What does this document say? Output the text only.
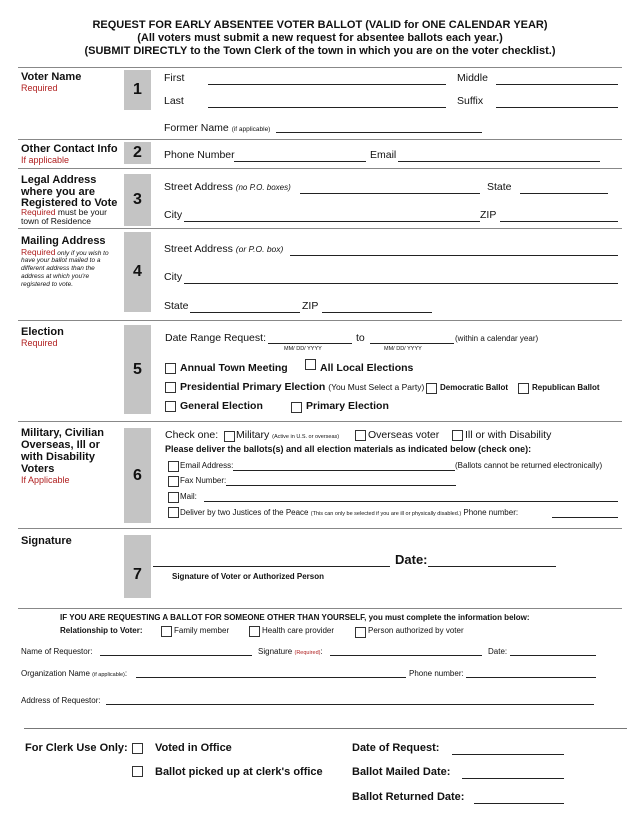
REQUEST FOR EARLY ABSENTEE VOTER BALLOT (VALID for ONE CALENDAR YEAR)
(All voters must submit a new request for absentee ballots each year.)
(SUBMIT DIRECTLY to the Town Clerk of the town in which you are on the voter checklist.)
Voter Name
Required	1
First	Middle
Last	Suffix
Former Name (if applicable)
Other Contact Info
If applicable	2	Phone Number	Email
Legal Address
where you are
Registered to Vote
Required must be your
town of Residence
3
Street Address (no P.O. boxes)	State
City	ZIP
Mailing Address
Required only if you wish to
have your ballot mailed to a
different address than the
address at which you're
registered to vote.
4
Street Address (or P.O. box)
City
State	ZIP
Election
Required
5
Date Range Request:	to	(within a calendar year)
MM/ DD/ YYYY	MM/ DD/ YYYY
Annual Town Meeting	All Local Elections
Presidential Primary Election (You Must Select a Party) Democratic Ballot	Republican Ballot
General Election	Primary Election
Military, Civilian
Overseas, Ill or
with Disability
Voters
If Applicable	6
Check one: Military (Active in U.S. or overseas)	Overseas voter Ill or with Disability
Please deliver the ballots(s) and all election materials as indicated below (check one):
Email Address:	(Ballots cannot be returned electronically)
Fax Number:
Mail:
Deliver by two Justices of the Peace (This can only be selected if you are ill or physically disabled.) Phone number:
Signature
7
Date:
Signature of Voter or Authorized Person
IF YOU ARE REQUESTING A BALLOT FOR SOMEONE OTHER THAN YOURSELF, you must complete the information below:
Relationship to Voter:	Family member	Health care provider	Person authorized by voter
Name of Requestor:	Signature (Required):	Date:
Organization Name (if applicable):	Phone number:
Address of Requestor:
For Clerk Use Only: Voted in Office
Ballot picked up at clerk's office
Date of Request:
Ballot Mailed Date:
Ballot Returned Date:
